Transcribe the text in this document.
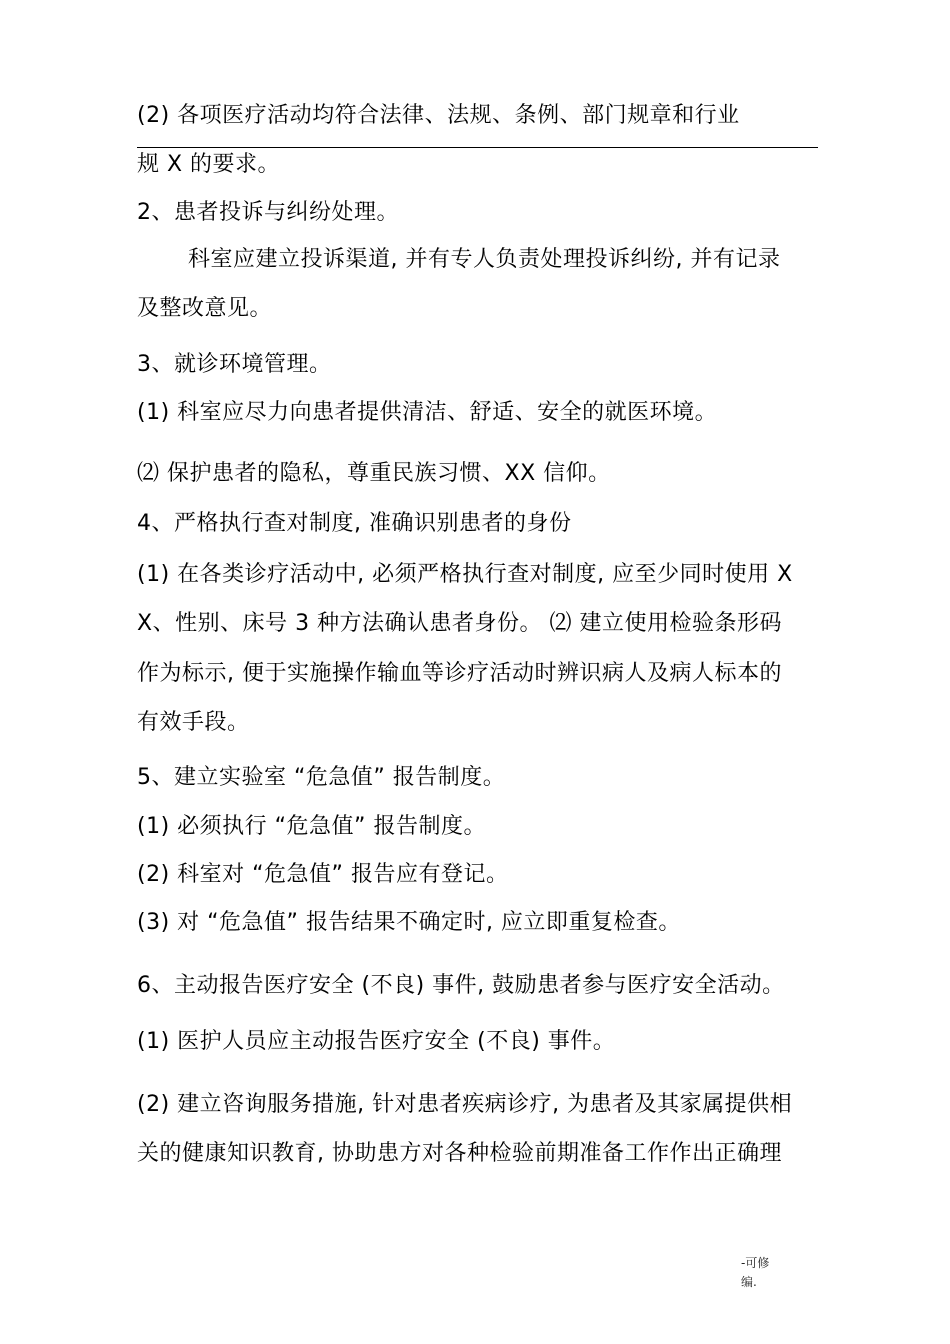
(2) 各项医疗活动均符合法律、法规、条例、部门规章和行业
规 X 的要求。
2、患者投诉与纠纷处理。
科室应建立投诉渠道, 并有专人负责处理投诉纠纷, 并有记录
及整改意见。
3、就诊环境管理。
(1) 科室应尽力向患者提供清洁、舒适、安全的就医环境。
⑵ 保护患者的隐私，尊重民族习惯、XX 信仰。
4、严格执行查对制度, 准确识别患者的身份
(1) 在各类诊疗活动中, 必须严格执行查对制度, 应至少同时使用 X
X、性别、床号 3 种方法确认患者身份。 ⑵ 建立使用检验条形码
作为标示, 便于实施操作输血等诊疗活动时辨识病人及病人标本的
有效手段。
5、建立实验室 “危急值” 报告制度。
(1) 必须执行 “危急值” 报告制度。
(2) 科室对 “危急值” 报告应有登记。
(3) 对 “危急值” 报告结果不确定时, 应立即重复检查。
6、主动报告医疗安全 (不良) 事件, 鼓励患者参与医疗安全活动。
(1) 医护人员应主动报告医疗安全 (不良) 事件。
(2) 建立咨询服务措施, 针对患者疾病诊疗, 为患者及其家属提供相
关的健康知识教育, 协助患方对各种检验前期准备工作作出正确理
-可修
编.
